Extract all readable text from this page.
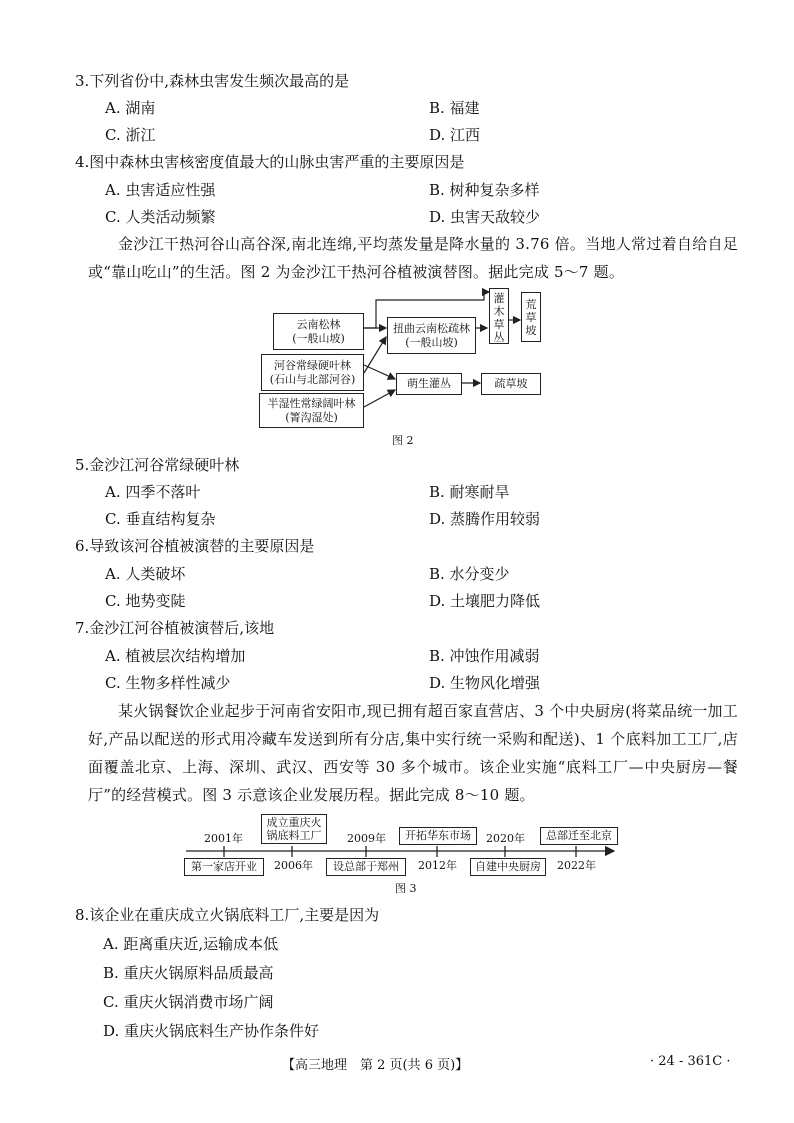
3.下列省份中,森林虫害发生频次最高的是
A. 湖南	B. 福建
C. 浙江	D. 江西
4.图中森林虫害核密度值最大的山脉虫害严重的主要原因是
A. 虫害适应性强	B. 树种复杂多样
C. 人类活动频繁	D. 虫害天敌较少
金沙江干热河谷山高谷深,南北连绵,平均蒸发量是降水量的 3.76 倍。当地人常过着自给自足或“靠山吃山”的生活。图 2 为金沙江干热河谷植被演替图。据此完成 5～7 题。
云南松林
(一般山坡)
河谷常绿硬叶林
(石山与北部河谷)
半湿性常绿阔叶林
(箐沟湿处)
扭曲云南松疏林
(一般山坡)
灌
木
草
丛
荒
草
坡
萌生灌丛	疏草坡
图 2
5.金沙江河谷常绿硬叶林
A. 四季不落叶	B. 耐寒耐旱
C. 垂直结构复杂	D. 蒸腾作用较弱
6.导致该河谷植被演替的主要原因是
A. 人类破坏	B. 水分变少
C. 地势变陡	D. 土壤肥力降低
7.金沙江河谷植被演替后,该地
A. 植被层次结构增加	B. 冲蚀作用减弱
C. 生物多样性减少	D. 生物风化增强
某火锅餐饮企业起步于河南省安阳市,现已拥有超百家直营店、3 个中央厨房(将菜品统一加工好,产品以配送的形式用冷藏车发送到所有分店,集中实行统一采购和配送)、1 个底料加工工厂,店面覆盖北京、上海、深圳、武汉、西安等 30 多个城市。该企业实施“底料工厂—中央厨房—餐厅”的经营模式。图 3 示意该企业发展历程。据此完成 8～10 题。
2001年
第一家店开业
成立重庆火
锅底料工厂
2006年
2009年
设总部于郑州
开拓华东市场
2012年
2020年
自建中央厨房
总部迁至北京
2022年
图 3
8.该企业在重庆成立火锅底料工厂,主要是因为
A. 距离重庆近,运输成本低
B. 重庆火锅原料品质最高
C. 重庆火锅消费市场广阔
D. 重庆火锅底料生产协作条件好
【高三地理　第 2 页(共 6 页)】	· 24 - 361C ·
